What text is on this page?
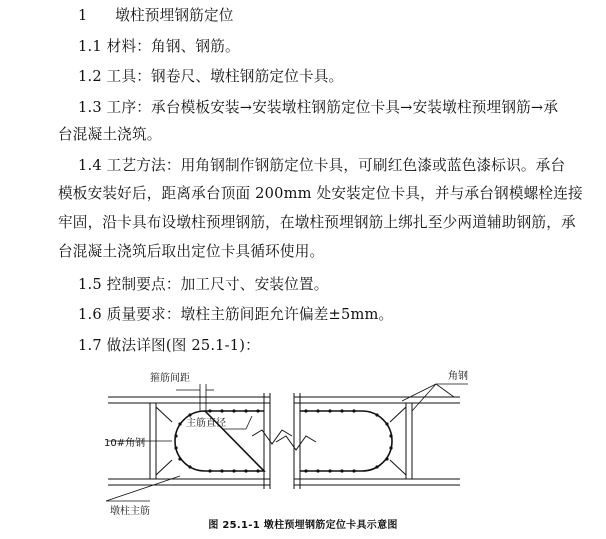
1 墩柱预埋钢筋定位
1.1 材料：角钢、钢筋。
1.2 工具：钢卷尺、墩柱钢筋定位卡具。
1.3 工序：承台模板安装→安装墩柱钢筋定位卡具→安装墩柱预埋钢筋→承
台混凝土浇筑。
1.4 工艺方法：用角钢制作钢筋定位卡具，可刷红色漆或蓝色漆标识。承台
模板安装好后，距离承台顶面 200mm 处安装定位卡具，并与承台钢模螺栓连接
牢固，沿卡具布设墩柱预埋钢筋，在墩柱预埋钢筋上绑扎至少两道辅助钢筋，承
台混凝土浇筑后取出定位卡具循环使用。
1.5 控制要点：加工尺寸、安装位置。
1.6 质量要求：墩柱主筋间距允许偏差±5mm。
1.7 做法详图(图 25.1-1)：
箍筋间距	角钢
主筋直径
10#角钢
墩柱主筋
图 25.1-1 墩柱预埋钢筋定位卡具示意图
